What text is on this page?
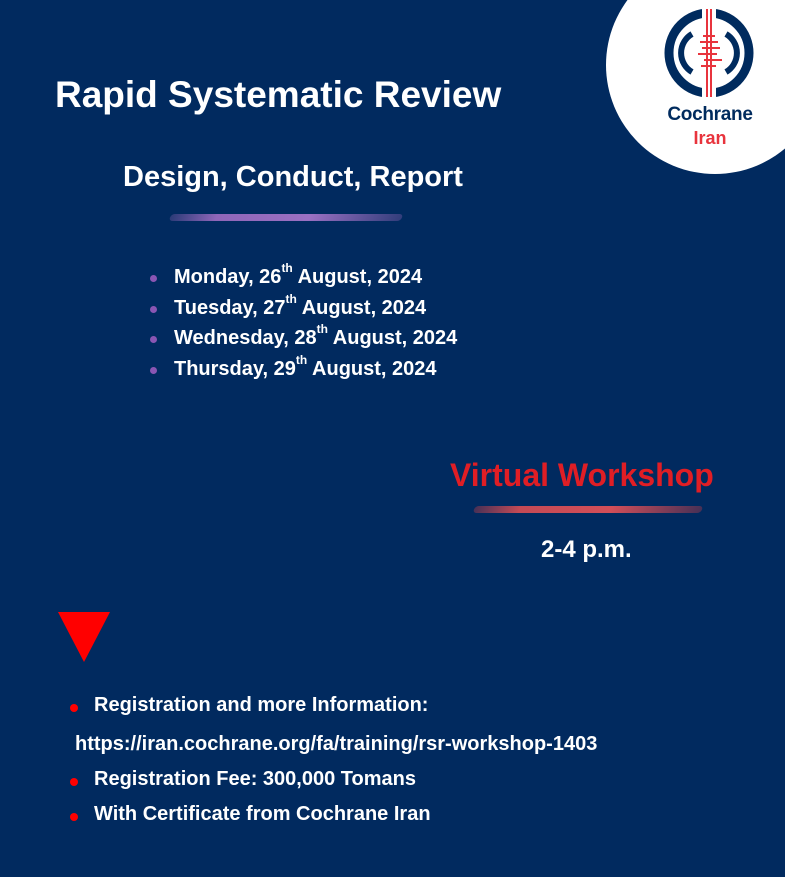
Cochrane
Iran
Rapid Systematic Review
Design, Conduct, Report
Monday, 26th August, 2024
Tuesday, 27th August, 2024
Wednesday, 28th August, 2024
Thursday, 29th August, 2024
Virtual Workshop
2-4 p.m.
Registration and more Information:
https://iran.cochrane.org/fa/training/rsr-workshop-1403
Registration Fee: 300,000 Tomans
With Certificate from Cochrane Iran
